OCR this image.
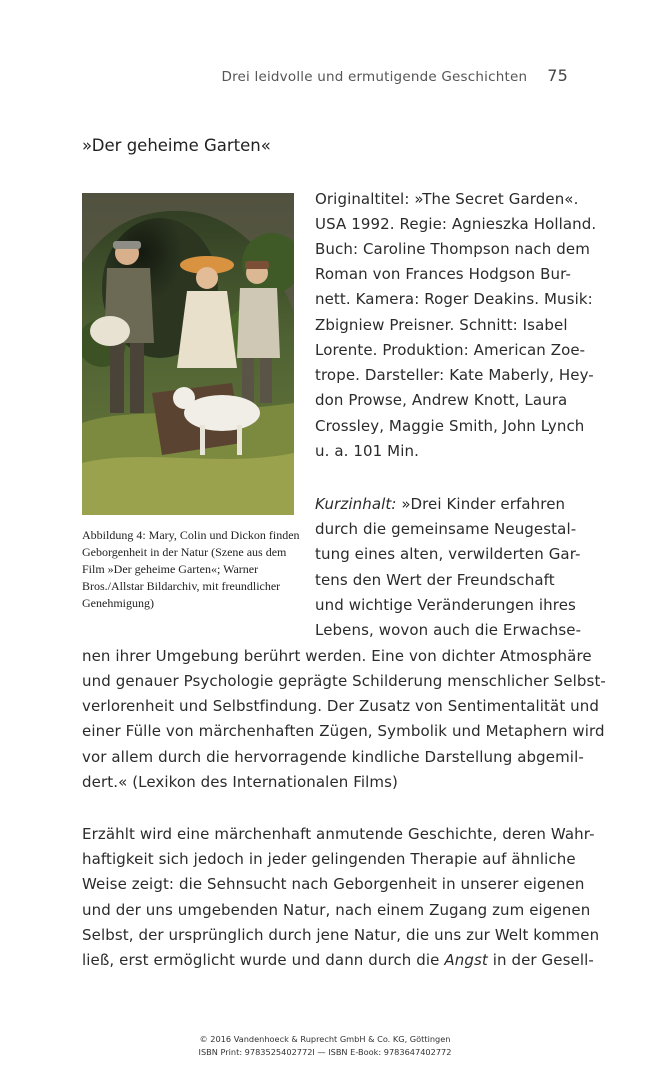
Drei leidvolle und ermutigende Geschichten 75
»Der geheime Garten«

Abbildung 4: Mary, Colin und Dickon finden Geborgenheit in der Natur (Szene aus dem Film »Der geheime Garten«; Warner Bros./Allstar Bildarchiv, mit freundlicher Genehmigung)

Originaltitel: »The Secret Garden«.
USA 1992. Regie: Agnieszka Holland.
Buch: Caroline Thompson nach dem
Roman von Frances Hodgson Bur-
nett. Kamera: Roger Deakins. Musik:
Zbigniew Preisner. Schnitt: Isabel
Lorente. Produktion: American Zoe-
trope. Darsteller: Kate Maberly, Hey-
don Prowse, Andrew Knott, Laura
Crossley, Maggie Smith, John Lynch
u. a. 101 Min.
Kurzinhalt: »Drei Kinder erfahren
durch die gemeinsame Neugestal-
tung eines alten, verwilderten Gar-
tens den Wert der Freundschaft
und wichtige Veränderungen ihres
Lebens, wovon auch die Erwachse-
nen ihrer Umgebung berührt werden. Eine von dichter Atmosphäre
und genauer Psychologie geprägte Schilderung menschlicher Selbst-
verlorenheit und Selbstfindung. Der Zusatz von Sentimentalität und
einer Fülle von märchenhaften Zügen, Symbolik und Metaphern wird
vor allem durch die hervorragende kindliche Darstellung abgemil-
dert.« (Lexikon des Internationalen Films)
Erzählt wird eine märchenhaft anmutende Geschichte, deren Wahr-
haftigkeit sich jedoch in jeder gelingenden Therapie auf ähnliche
Weise zeigt: die Sehnsucht nach Geborgenheit in unserer eigenen
und der uns umgebenden Natur, nach einem Zugang zum eigenen
Selbst, der ursprünglich durch jene Natur, die uns zur Welt kommen
ließ, erst ermöglicht wurde und dann durch die Angst in der Gesell-
© 2016 Vandenhoeck & Ruprecht GmbH & Co. KG, Göttingen
ISBN Print: 9783525402772I — ISBN E-Book: 9783647402772
